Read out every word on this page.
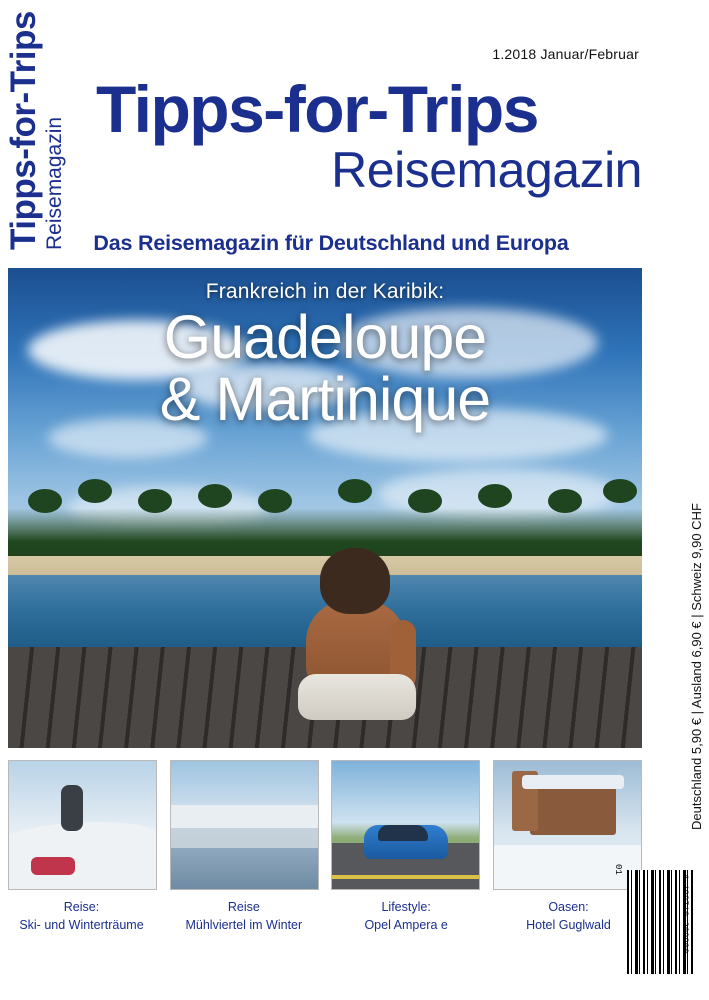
Tipps-for-Trips Reisemagazin
1.2018 Januar/Februar
Tipps-for-Trips
Reisemagazin
Das Reisemagazin für Deutschland und Europa
Frankreich in der Karibik:
Guadeloupe
& Martinique
Reise:
Ski- und Winterträume
Reise
Mühlviertel im Winter
Lifestyle:
Opel Ampera e
Oasen:
Hotel Guglwald
Deutschland 5,90 € | Ausland 6,90 € | Schweiz 9,90 CHF
01
4 199710 209900
